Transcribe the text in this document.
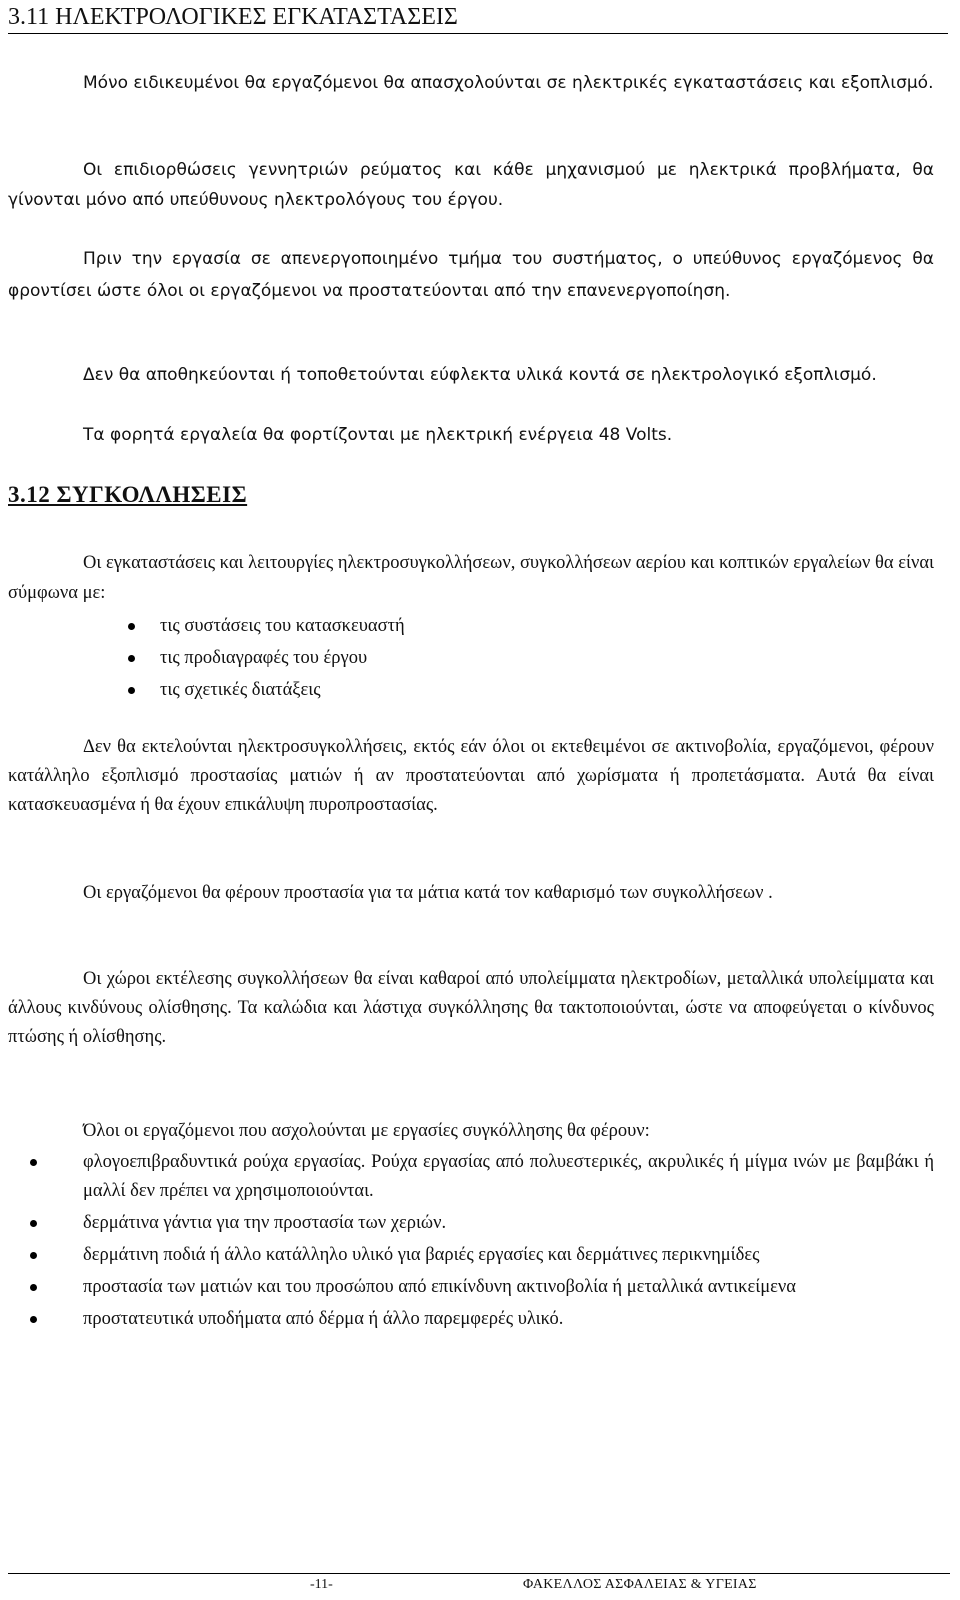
3.11 ΗΛΕΚΤΡΟΛΟΓΙΚΕΣ ΕΓΚΑΤΑΣΤΑΣΕΙΣ

Μόνο ειδικευμένοι θα εργαζόμενοι θα απασχολούνται σε ηλεκτρικές εγκαταστάσεις και εξοπλισμό.

Οι επιδιορθώσεις γεννητριών ρεύματος και κάθε μηχανισμού με ηλεκτρικά προβλήματα, θα γίνονται μόνο από υπεύθυνους ηλεκτρολόγους του έργου.

Πριν την εργασία σε απενεργοποιημένο τμήμα του συστήματος, ο υπεύθυνος εργαζόμενος θα φροντίσει ώστε όλοι οι εργαζόμενοι να προστατεύονται από την επανενεργοποίηση.

Δεν θα αποθηκεύονται ή τοποθετούνται εύφλεκτα υλικά κοντά σε ηλεκτρολογικό εξοπλισμό.

Τα φορητά εργαλεία θα φορτίζονται με ηλεκτρική ενέργεια 48 Volts.

3.12 ΣΥΓΚΟΛΛΗΣΕΙΣ

Οι εγκαταστάσεις και λειτουργίες ηλεκτροσυγκολλήσεων, συγκολλήσεων αερίου και κοπτικών εργαλείων θα είναι σύμφωνα με:

τις συστάσεις του κατασκευαστή
τις προδιαγραφές του έργου
τις σχετικές διατάξεις

Δεν θα εκτελούνται ηλεκτροσυγκολλήσεις, εκτός εάν όλοι οι εκτεθειμένοι σε ακτινοβολία, εργαζόμενοι, φέρουν κατάλληλο εξοπλισμό προστασίας ματιών ή αν προστατεύονται από χωρίσματα ή προπετάσματα. Αυτά θα είναι κατασκευασμένα ή θα έχουν επικάλυψη πυροπροστασίας.

Οι εργαζόμενοι θα φέρουν προστασία για τα μάτια κατά τον καθαρισμό των συγκολλήσεων .

Οι χώροι εκτέλεσης συγκολλήσεων θα είναι καθαροί από υπολείμματα ηλεκτροδίων, μεταλλικά υπολείμματα και άλλους κινδύνους ολίσθησης. Τα καλώδια και λάστιχα συγκόλλησης θα τακτοποιούνται, ώστε να αποφεύγεται ο κίνδυνος πτώσης ή ολίσθησης.

Όλοι οι εργαζόμενοι που ασχολούνται με εργασίες συγκόλλησης θα φέρουν:

φλογοεπιβραδυντικά ρούχα εργασίας. Ρούχα εργασίας από πολυεστερικές, ακρυλικές ή μίγμα ινών με βαμβάκι ή μαλλί δεν πρέπει να χρησιμοποιούνται.
δερμάτινα γάντια για την προστασία των χεριών.
δερμάτινη ποδιά ή άλλο κατάλληλο υλικό για βαριές εργασίες και δερμάτινες περικνημίδες
προστασία των ματιών και του προσώπου από επικίνδυνη ακτινοβολία ή μεταλλικά αντικείμενα
προστατευτικά υποδήματα από δέρμα ή άλλο παρεμφερές υλικό.
-11-	ΦΑΚΕΛΛΟΣ ΑΣΦΑΛΕΙΑΣ & ΥΓΕΙΑΣ
